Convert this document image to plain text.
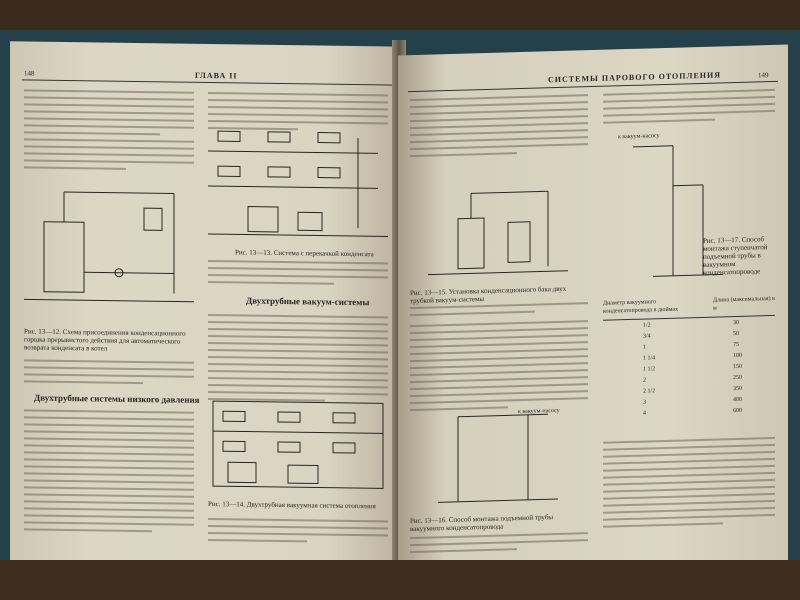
148	ГЛАВА II
Рис. 13—12. Схема присоединения конденсационного горшка прерывистого действия для автоматического возврата конденсата в котел
Двухтрубные системы низкого давления
Рис. 13—13. Система с перекачкой конденсата
Двухтрубные вакуум-системы
Рис. 13—14. Двухтрубная вакуумная система отопления
СИСТЕМЫ ПАРОВОГО ОТОПЛЕНИЯ	149
Рис. 13—15. Установка конденсационного бака двух трубкой вакуум-системы
к вакуум-насосу
Рис. 13—16. Способ монтажа подъемной трубы вакуумного конденсатопровода
к вакуум-насосу
Рис. 13—17. Способ монтажа ступенчатой подъемной трубы в вакуумном конденсатопроводе
Диаметр вакуумного конденсатопровода в дюймах
Длина (максимальная) в м
1/2	30
3/4	50
1	75
1 1/4	100
1 1/2	150
2	250
2 1/2	350
3	400
4	600
